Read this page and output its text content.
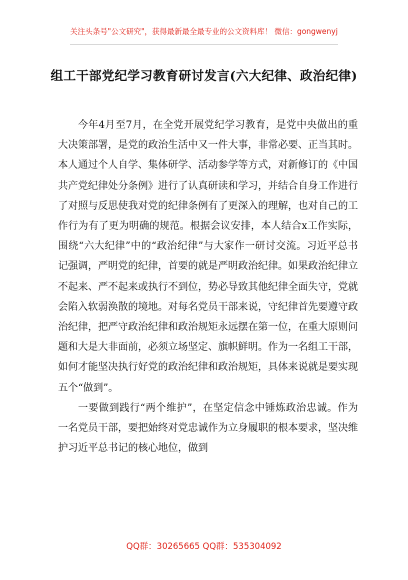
关注头条号"公文研究"，获得最新最全最专业的公文资料库！ 微信：gongwenyj
组工干部党纪学习教育研讨发言(六大纪律、政治纪律)

今年4月至7月，在全党开展党纪学习教育，是党中央做出的重大决策部署，是党的政治生活中又一件大事，非常必要、正当其时。本人通过个人自学、集体研学、活动参学等方式，对新修订的《中国共产党纪律处分条例》进行了认真研读和学习，并结合自身工作进行了对照与反思使我对党的纪律条例有了更深入的理解，也对自己的工作行为有了更为明确的规范。根据会议安排，本人结合x工作实际，围绕“六大纪律”中的“政治纪律”与大家作一研讨交流。习近平总书记强调，严明党的纪律，首要的就是严明政治纪律。如果政治纪律立不起来、严不起来或执行不到位，势必导致其他纪律全面失守，党就会陷入软弱涣散的境地。对每名党员干部来说，守纪律首先要遵守政治纪律，把严守政治纪律和政治规矩永远摆在第一位，在重大原则问题和大是大非面前，必须立场坚定、旗帜鲜明。作为一名组工干部，如何才能坚决执行好党的政治纪律和政治规矩，具体来说就是要实现五个“做到”。

一要做到践行“两个维护”，在坚定信念中锤炼政治忠诚。作为一名党员干部，要把始终对党忠诚作为立身履职的根本要求，坚决维护习近平总书记的核心地位，做到

QQ群：30265665 QQ群：535304092
